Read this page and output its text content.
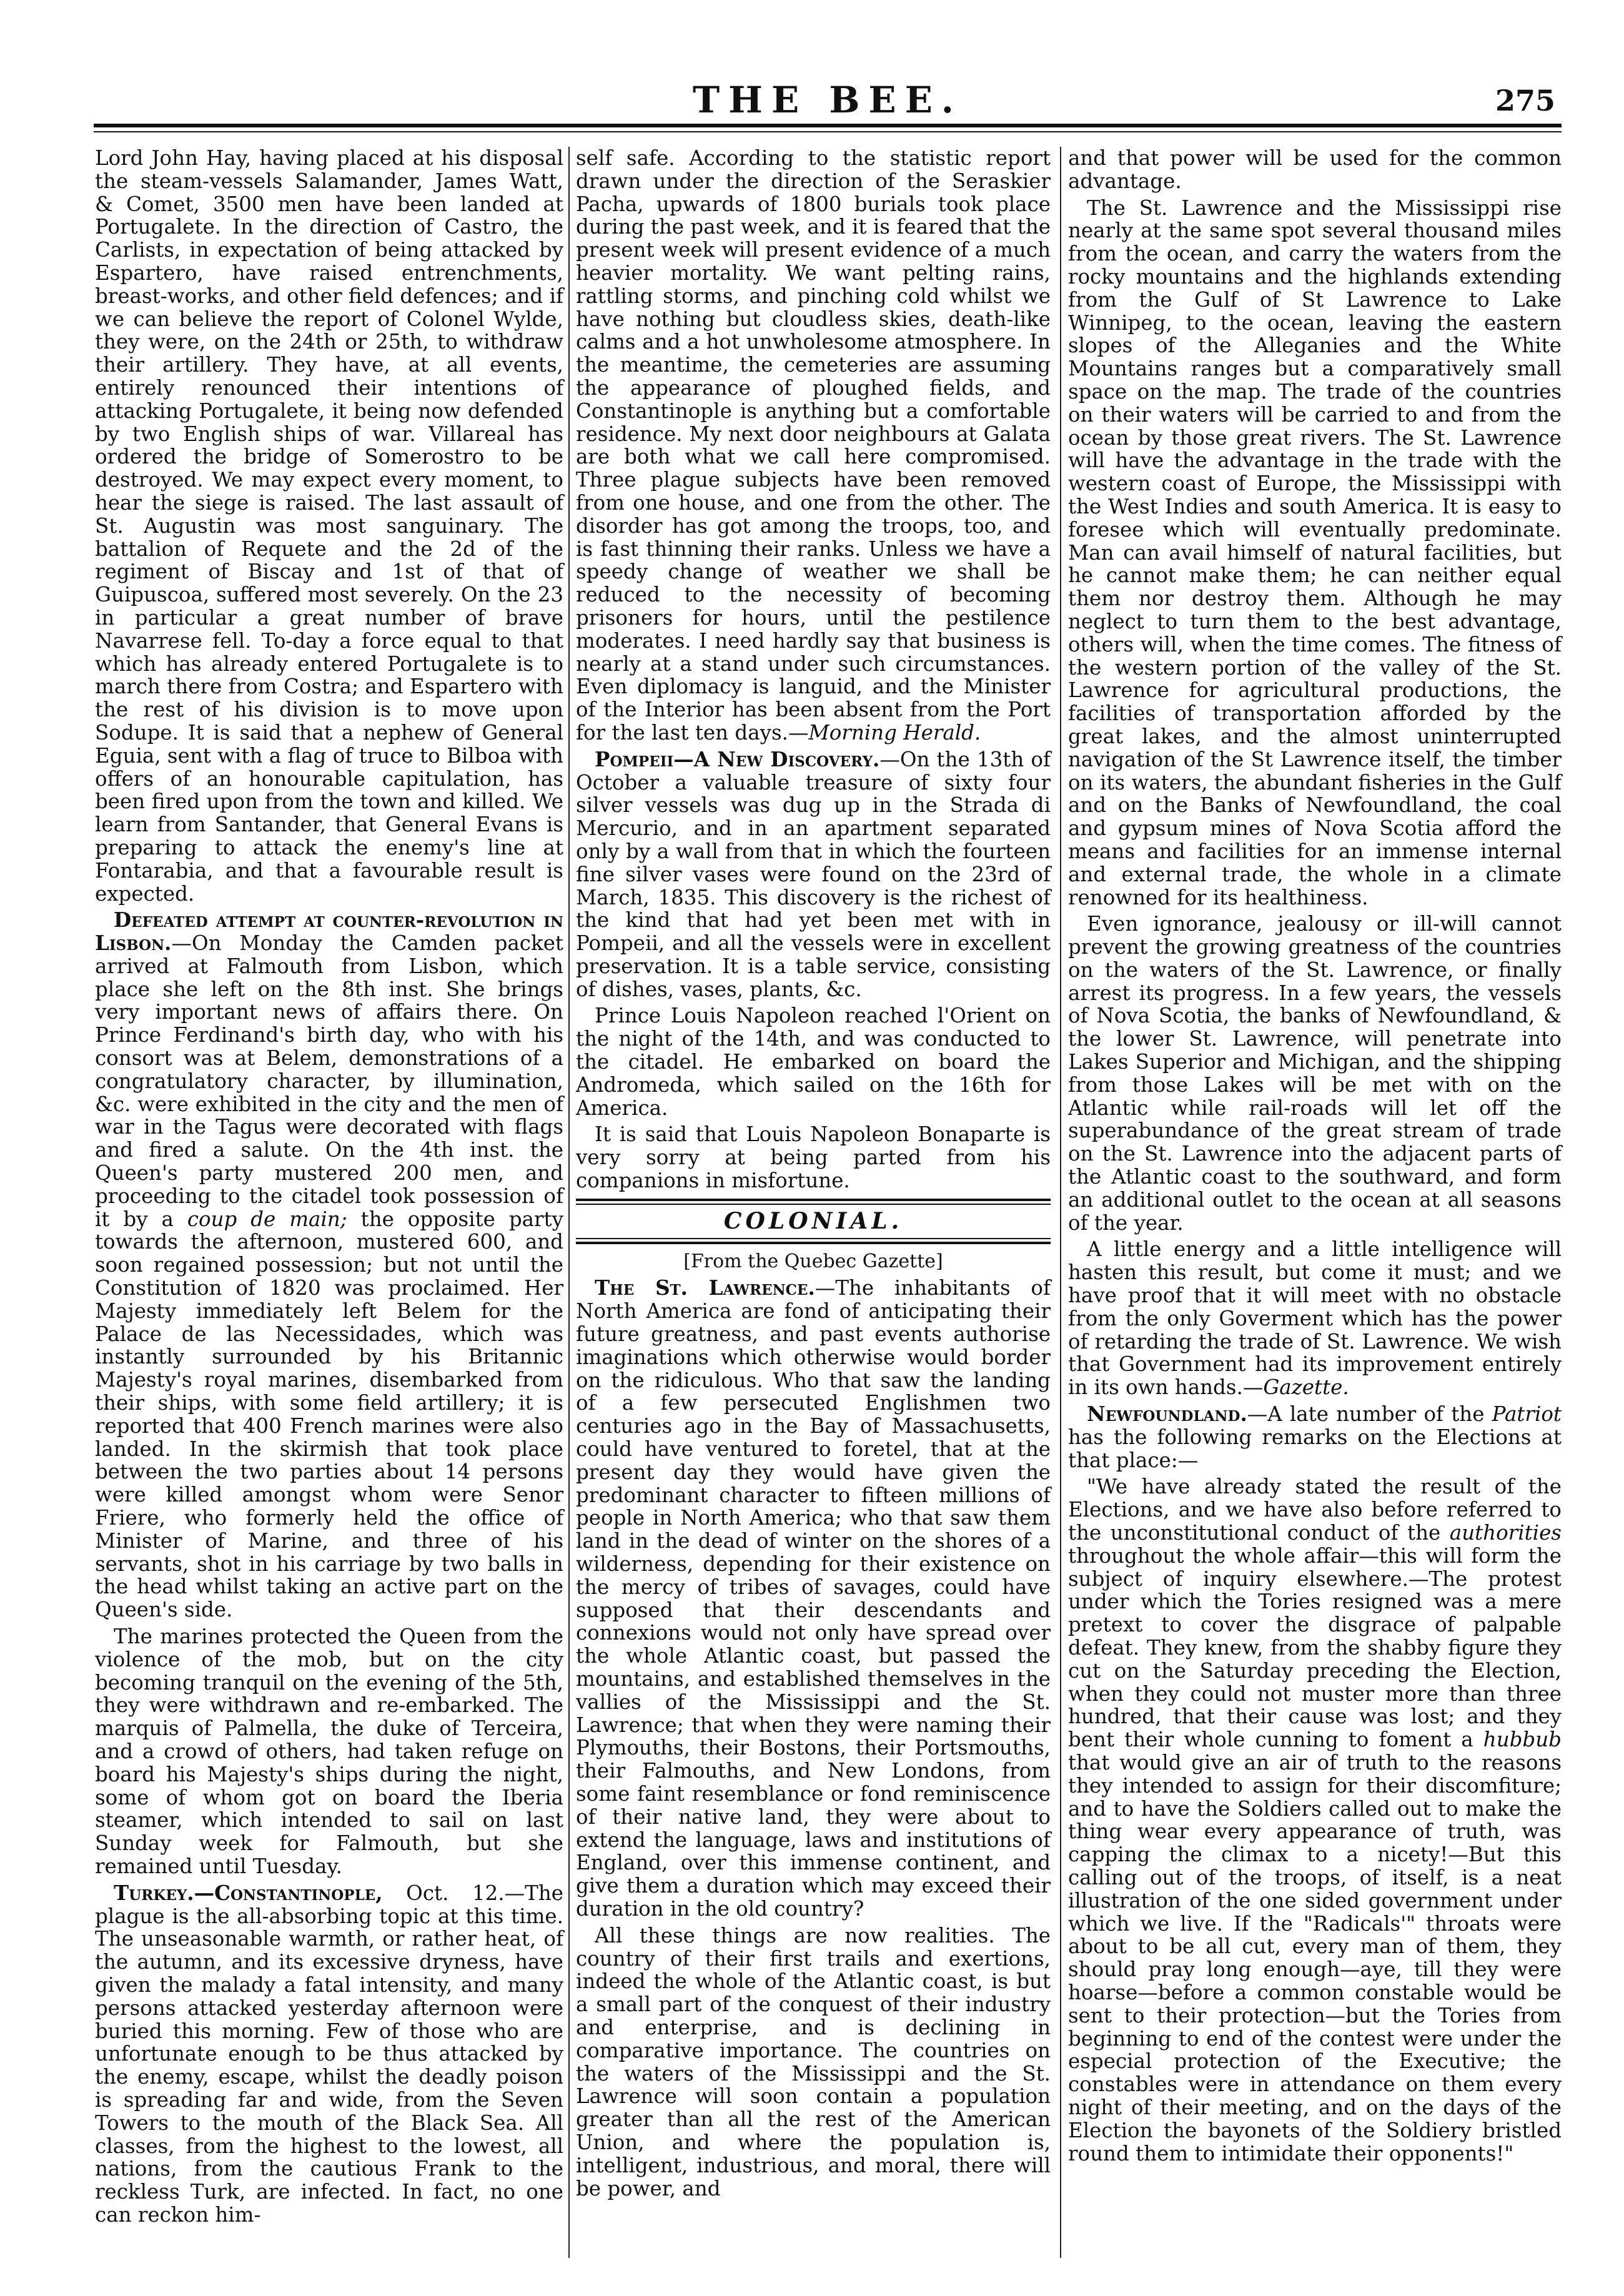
THE BEE.	275

Lord John Hay, having placed at his disposal the steam-vessels Salamander, James Watt, & Comet, 3500 men have been landed at Portugalete. In the direction of Castro, the Carlists, in expectation of being attacked by Espartero, have raised entrenchments, breast-works, and other field defences; and if we can believe the report of Colonel Wylde, they were, on the 24th or 25th, to withdraw their artillery. They have, at all events, entirely renounced their intentions of attacking Portugalete, it being now defended by two English ships of war. Villareal has ordered the bridge of Somerostro to be destroyed. We may expect every moment, to hear the siege is raised. The last assault of St. Augustin was most sanguinary. The battalion of Requete and the 2d of the regiment of Biscay and 1st of that of Guipuscoa, suffered most severely. On the 23 in particular a great number of brave Navarrese fell. To-day a force equal to that which has already entered Portugalete is to march there from Costra; and Espartero with the rest of his division is to move upon Sodupe. It is said that a nephew of General Eguia, sent with a flag of truce to Bilboa with offers of an honourable capitulation, has been fired upon from the town and killed. We learn from Santander, that General Evans is preparing to attack the enemy's line at Fontarabia, and that a favourable result is expected.

Defeated attempt at counter-revolution in Lisbon.—On Monday the Camden packet arrived at Falmouth from Lisbon, which place she left on the 8th inst. She brings very important news of affairs there. On Prince Ferdinand's birth day, who with his consort was at Belem, demonstrations of a congratulatory character, by illumination, &c. were exhibited in the city and the men of war in the Tagus were decorated with flags and fired a salute. On the 4th inst. the Queen's party mustered 200 men, and proceeding to the citadel took possession of it by a coup de main; the opposite party towards the afternoon, mustered 600, and soon regained possession; but not until the Constitution of 1820 was proclaimed. Her Majesty immediately left Belem for the Palace de las Necessidades, which was instantly surrounded by his Britannic Majesty's royal marines, disembarked from their ships, with some field artillery; it is reported that 400 French marines were also landed. In the skirmish that took place between the two parties about 14 persons were killed amongst whom were Senor Friere, who formerly held the office of Minister of Marine, and three of his servants, shot in his carriage by two balls in the head whilst taking an active part on the Queen's side.

The marines protected the Queen from the violence of the mob, but on the city becoming tranquil on the evening of the 5th, they were withdrawn and re-embarked. The marquis of Palmella, the duke of Terceira, and a crowd of others, had taken refuge on board his Majesty's ships during the night, some of whom got on board the Iberia steamer, which intended to sail on last Sunday week for Falmouth, but she remained until Tuesday.

Turkey.—Constantinople, Oct. 12.—The plague is the all-absorbing topic at this time. The unseasonable warmth, or rather heat, of the autumn, and its excessive dryness, have given the malady a fatal intensity, and many persons attacked yesterday afternoon were buried this morning. Few of those who are unfortunate enough to be thus attacked by the enemy, escape, whilst the deadly poison is spreading far and wide, from the Seven Towers to the mouth of the Black Sea. All classes, from the highest to the lowest, all nations, from the cautious Frank to the reckless Turk, are infected. In fact, no one can reckon him-

self safe. According to the statistic report drawn under the direction of the Seraskier Pacha, upwards of 1800 burials took place during the past week, and it is feared that the present week will present evidence of a much heavier mortality. We want pelting rains, rattling storms, and pinching cold whilst we have nothing but cloudless skies, death-like calms and a hot unwholesome atmosphere. In the meantime, the cemeteries are assuming the appearance of ploughed fields, and Constantinople is anything but a comfortable residence. My next door neighbours at Galata are both what we call here compromised. Three plague subjects have been removed from one house, and one from the other. The disorder has got among the troops, too, and is fast thinning their ranks. Unless we have a speedy change of weather we shall be reduced to the necessity of becoming prisoners for hours, until the pestilence moderates. I need hardly say that business is nearly at a stand under such circumstances. Even diplomacy is languid, and the Minister of the Interior has been absent from the Port for the last ten days.—Morning Herald.

Pompeii—A New Discovery.—On the 13th of October a valuable treasure of sixty four silver vessels was dug up in the Strada di Mercurio, and in an apartment separated only by a wall from that in which the fourteen fine silver vases were found on the 23rd of March, 1835. This discovery is the richest of the kind that had yet been met with in Pompeii, and all the vessels were in excellent preservation. It is a table service, consisting of dishes, vases, plants, &c.

Prince Louis Napoleon reached l'Orient on the night of the 14th, and was conducted to the citadel. He embarked on board the Andromeda, which sailed on the 16th for America.

It is said that Louis Napoleon Bonaparte is very sorry at being parted from his companions in misfortune.

COLONIAL.

[From the Quebec Gazette]

The St. Lawrence.—The inhabitants of North America are fond of anticipating their future greatness, and past events authorise imaginations which otherwise would border on the ridiculous. Who that saw the landing of a few persecuted Englishmen two centuries ago in the Bay of Massachusetts, could have ventured to foretel, that at the present day they would have given the predominant character to fifteen millions of people in North America; who that saw them land in the dead of winter on the shores of a wilderness, depending for their existence on the mercy of tribes of savages, could have supposed that their descendants and connexions would not only have spread over the whole Atlantic coast, but passed the mountains, and established themselves in the vallies of the Mississippi and the St. Lawrence; that when they were naming their Plymouths, their Bostons, their Portsmouths, their Falmouths, and New Londons, from some faint resemblance or fond reminiscence of their native land, they were about to extend the language, laws and institutions of England, over this immense continent, and give them a duration which may exceed their duration in the old country?

All these things are now realities. The country of their first trails and exertions, indeed the whole of the Atlantic coast, is but a small part of the conquest of their industry and enterprise, and is declining in comparative importance. The countries on the waters of the Mississippi and the St. Lawrence will soon contain a population greater than all the rest of the American Union, and where the population is, intelligent, industrious, and moral, there will be power, and

and that power will be used for the common advantage.

The St. Lawrence and the Mississippi rise nearly at the same spot several thousand miles from the ocean, and carry the waters from the rocky mountains and the highlands extending from the Gulf of St Lawrence to Lake Winnipeg, to the ocean, leaving the eastern slopes of the Alleganies and the White Mountains ranges but a comparatively small space on the map. The trade of the countries on their waters will be carried to and from the ocean by those great rivers. The St. Lawrence will have the advantage in the trade with the western coast of Europe, the Mississippi with the West Indies and south America. It is easy to foresee which will eventually predominate. Man can avail himself of natural facilities, but he cannot make them; he can neither equal them nor destroy them. Although he may neglect to turn them to the best advantage, others will, when the time comes. The fitness of the western portion of the valley of the St. Lawrence for agricultural productions, the facilities of transportation afforded by the great lakes, and the almost uninterrupted navigation of the St Lawrence itself, the timber on its waters, the abundant fisheries in the Gulf and on the Banks of Newfoundland, the coal and gypsum mines of Nova Scotia afford the means and facilities for an immense internal and external trade, the whole in a climate renowned for its healthiness.

Even ignorance, jealousy or ill-will cannot prevent the growing greatness of the countries on the waters of the St. Lawrence, or finally arrest its progress. In a few years, the vessels of Nova Scotia, the banks of Newfoundland, & the lower St. Lawrence, will penetrate into Lakes Superior and Michigan, and the shipping from those Lakes will be met with on the Atlantic while rail-roads will let off the superabundance of the great stream of trade on the St. Lawrence into the adjacent parts of the Atlantic coast to the southward, and form an additional outlet to the ocean at all seasons of the year.

A little energy and a little intelligence will hasten this result, but come it must; and we have proof that it will meet with no obstacle from the only Goverment which has the power of retarding the trade of St. Lawrence. We wish that Government had its improvement entirely in its own hands.—Gazette.

Newfoundland.—A late number of the Patriot has the following remarks on the Elections at that place:—

"We have already stated the result of the Elections, and we have also before referred to the unconstitutional conduct of the authorities throughout the whole affair—this will form the subject of inquiry elsewhere.—The protest under which the Tories resigned was a mere pretext to cover the disgrace of palpable defeat. They knew, from the shabby figure they cut on the Saturday preceding the Election, when they could not muster more than three hundred, that their cause was lost; and they bent their whole cunning to foment a hubbub that would give an air of truth to the reasons they intended to assign for their discomfiture; and to have the Soldiers called out to make the thing wear every appearance of truth, was capping the climax to a nicety!—But this calling out of the troops, of itself, is a neat illustration of the one sided government under which we live. If the "Radicals'" throats were about to be all cut, every man of them, they should pray long enough—aye, till they were hoarse—before a common constable would be sent to their protection—but the Tories from beginning to end of the contest were under the especial protection of the Executive; the constables were in attendance on them every night of their meeting, and on the days of the Election the bayonets of the Soldiery bristled round them to intimidate their opponents!"
